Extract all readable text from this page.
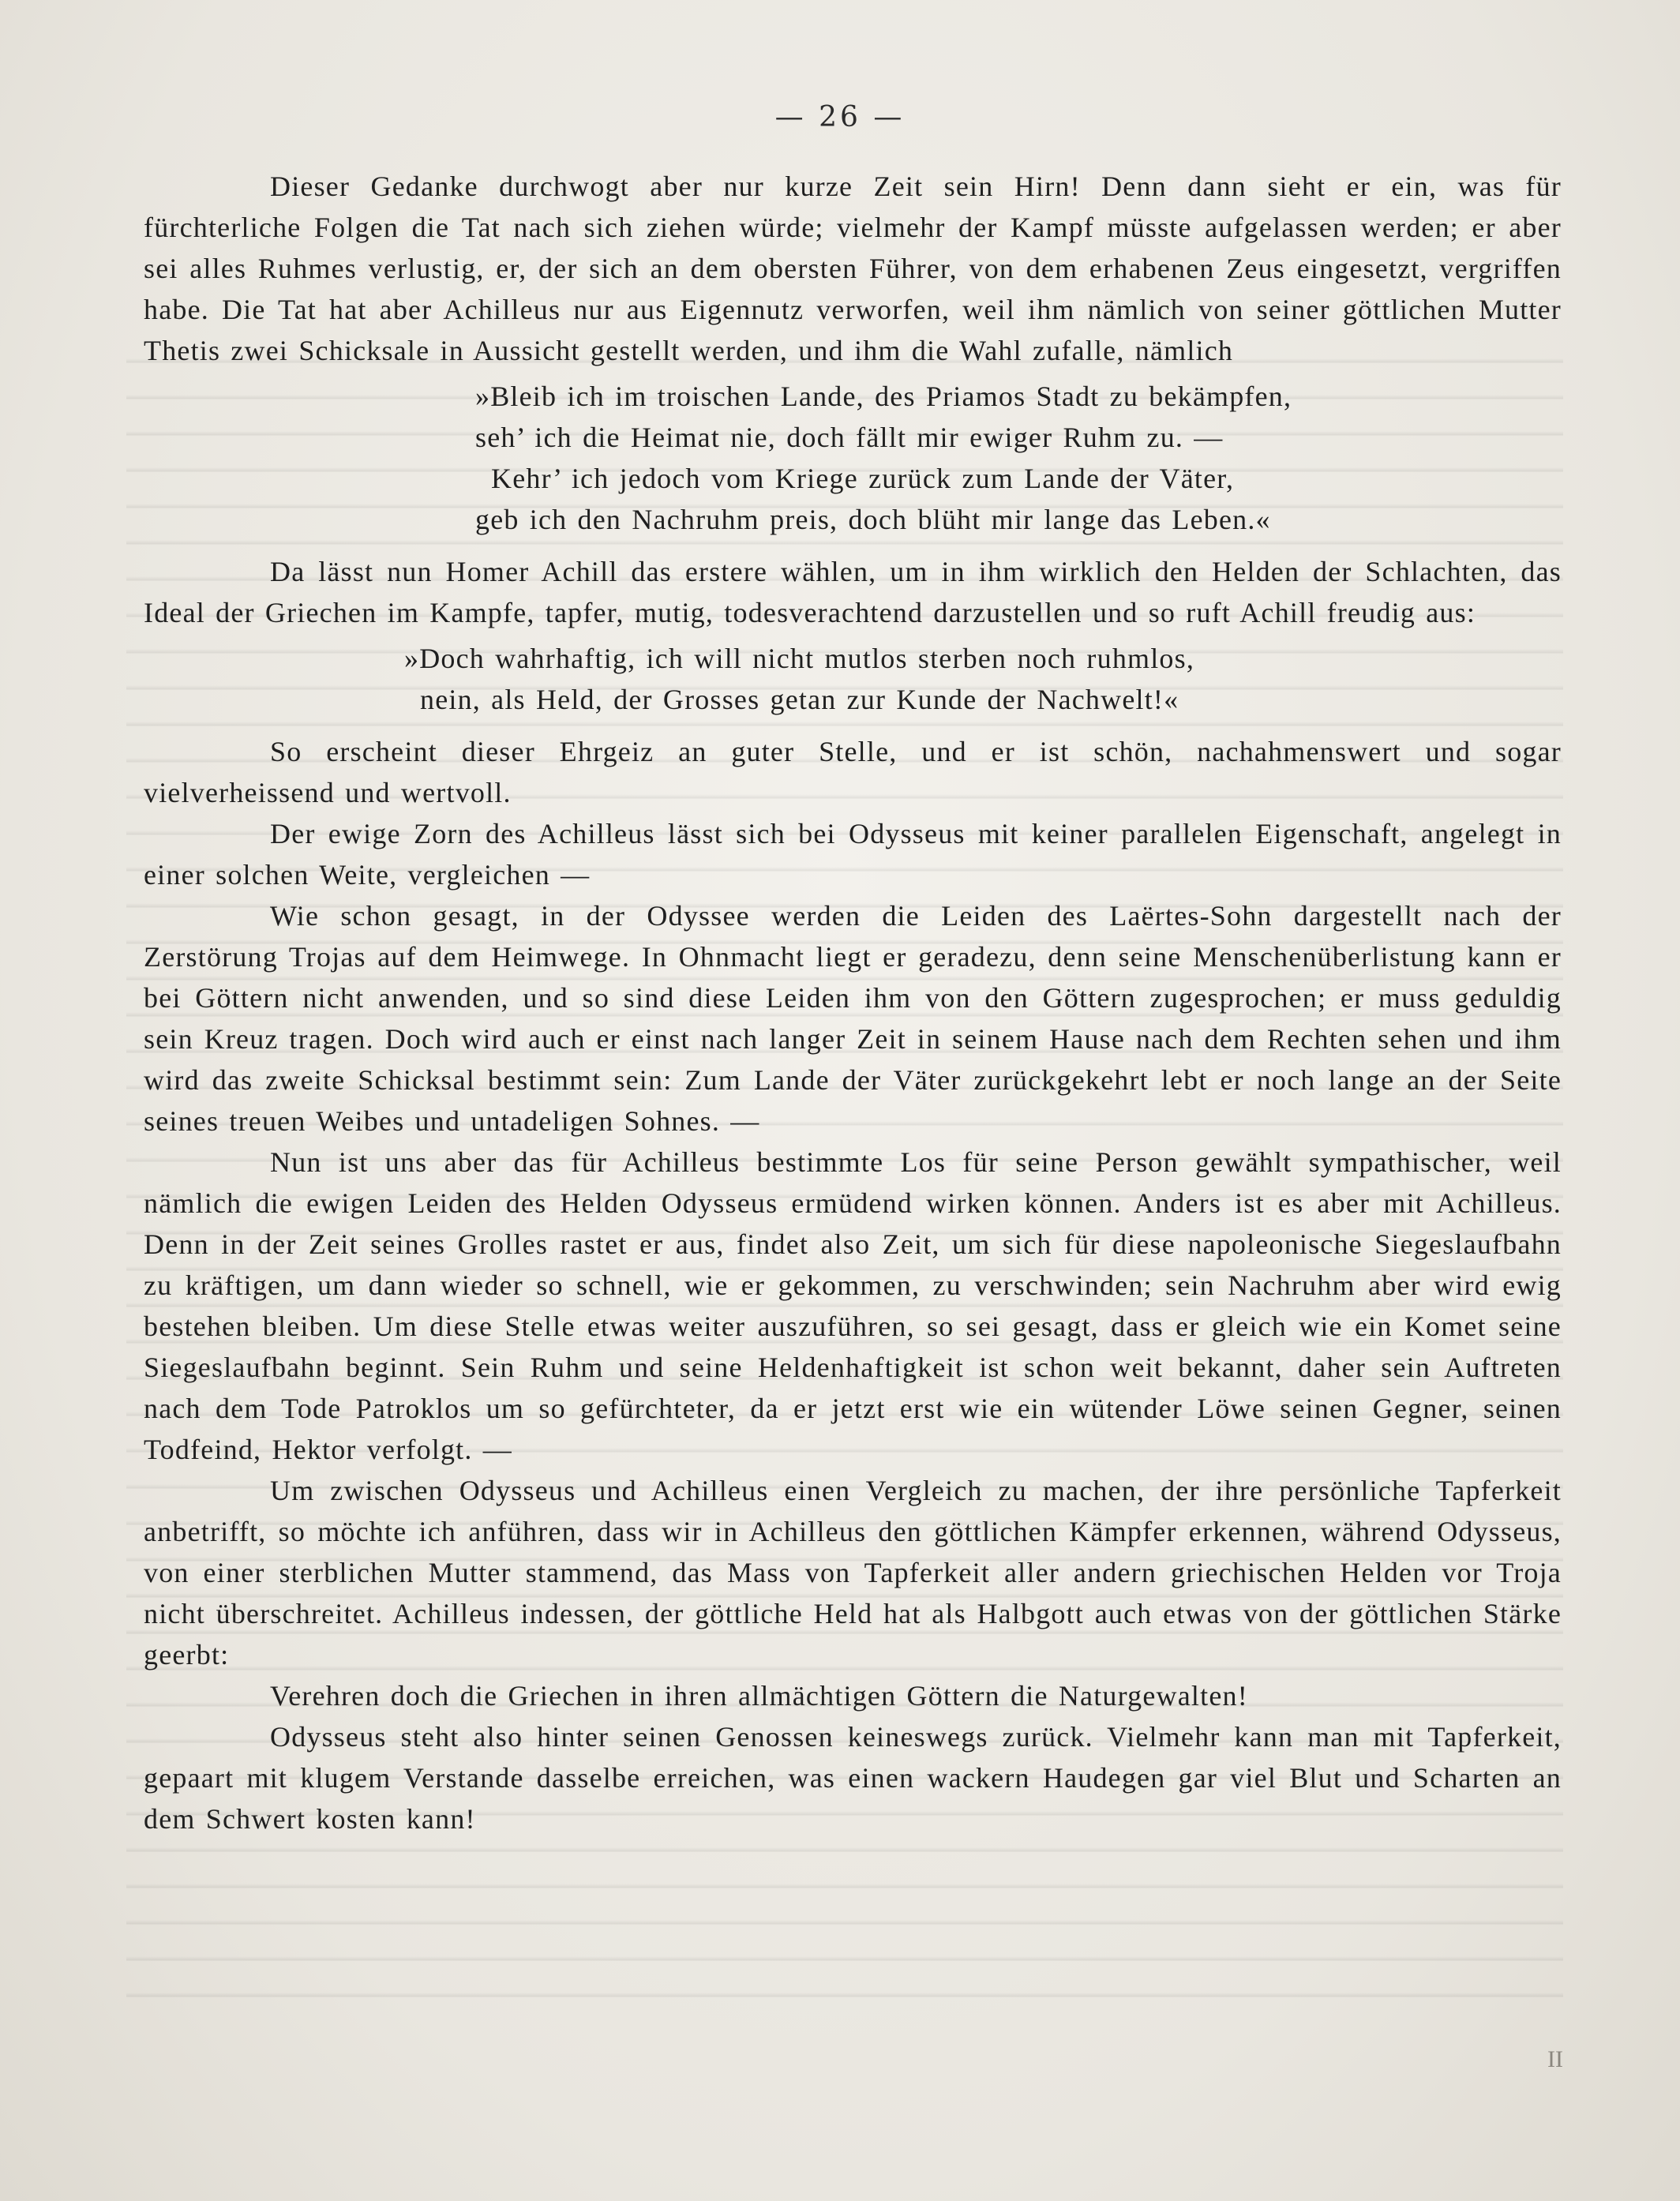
— 26 —

Dieser Gedanke durchwogt aber nur kurze Zeit sein Hirn! Denn dann sieht er ein, was für fürchterliche Folgen die Tat nach sich ziehen würde; vielmehr der Kampf müsste aufgelassen werden; er aber sei alles Ruhmes verlustig, er, der sich an dem obersten Führer, von dem erhabenen Zeus eingesetzt, vergriffen habe. Die Tat hat aber Achilleus nur aus Eigennutz verworfen, weil ihm nämlich von seiner göttlichen Mutter Thetis zwei Schicksale in Aussicht gestellt werden, und ihm die Wahl zufalle, nämlich

»Bleib ich im troischen Lande, des Priamos Stadt zu bekämpfen,
seh’ ich die Heimat nie, doch fällt mir ewiger Ruhm zu. —
Kehr’ ich jedoch vom Kriege zurück zum Lande der Väter,
geb ich den Nachruhm preis, doch blüht mir lange das Leben.«

Da lässt nun Homer Achill das erstere wählen, um in ihm wirklich den Helden der Schlachten, das Ideal der Griechen im Kampfe, tapfer, mutig, todesverachtend darzustellen und so ruft Achill freudig aus:

»Doch wahrhaftig, ich will nicht mutlos sterben noch ruhmlos,
nein, als Held, der Grosses getan zur Kunde der Nachwelt!«

So erscheint dieser Ehrgeiz an guter Stelle, und er ist schön, nachahmenswert und sogar vielverheissend und wertvoll.

Der ewige Zorn des Achilleus lässt sich bei Odysseus mit keiner parallelen Eigenschaft, angelegt in einer solchen Weite, vergleichen —

Wie schon gesagt, in der Odyssee werden die Leiden des Laërtes-Sohn dargestellt nach der Zerstörung Trojas auf dem Heimwege. In Ohnmacht liegt er geradezu, denn seine Menschenüberlistung kann er bei Göttern nicht anwenden, und so sind diese Leiden ihm von den Göttern zugesprochen; er muss geduldig sein Kreuz tragen. Doch wird auch er einst nach langer Zeit in seinem Hause nach dem Rechten sehen und ihm wird das zweite Schicksal bestimmt sein: Zum Lande der Väter zurückgekehrt lebt er noch lange an der Seite seines treuen Weibes und untadeligen Sohnes. —

Nun ist uns aber das für Achilleus bestimmte Los für seine Person gewählt sympathischer, weil nämlich die ewigen Leiden des Helden Odysseus ermüdend wirken können. Anders ist es aber mit Achilleus. Denn in der Zeit seines Grolles rastet er aus, findet also Zeit, um sich für diese napoleonische Siegeslaufbahn zu kräftigen, um dann wieder so schnell, wie er gekommen, zu verschwinden; sein Nachruhm aber wird ewig bestehen bleiben. Um diese Stelle etwas weiter auszuführen, so sei gesagt, dass er gleich wie ein Komet seine Siegeslaufbahn beginnt. Sein Ruhm und seine Heldenhaftigkeit ist schon weit bekannt, daher sein Auftreten nach dem Tode Patroklos um so gefürchteter, da er jetzt erst wie ein wütender Löwe seinen Gegner, seinen Todfeind, Hektor verfolgt. —

Um zwischen Odysseus und Achilleus einen Vergleich zu machen, der ihre persönliche Tapferkeit anbetrifft, so möchte ich anführen, dass wir in Achilleus den göttlichen Kämpfer erkennen, während Odysseus, von einer sterblichen Mutter stammend, das Mass von Tapferkeit aller andern griechischen Helden vor Troja nicht überschreitet. Achilleus indessen, der göttliche Held hat als Halbgott auch etwas von der göttlichen Stärke geerbt:

Verehren doch die Griechen in ihren allmächtigen Göttern die Naturgewalten!

Odysseus steht also hinter seinen Genossen keineswegs zurück. Vielmehr kann man mit Tapferkeit, gepaart mit klugem Verstande dasselbe erreichen, was einen wackern Haudegen gar viel Blut und Scharten an dem Schwert kosten kann!

II
